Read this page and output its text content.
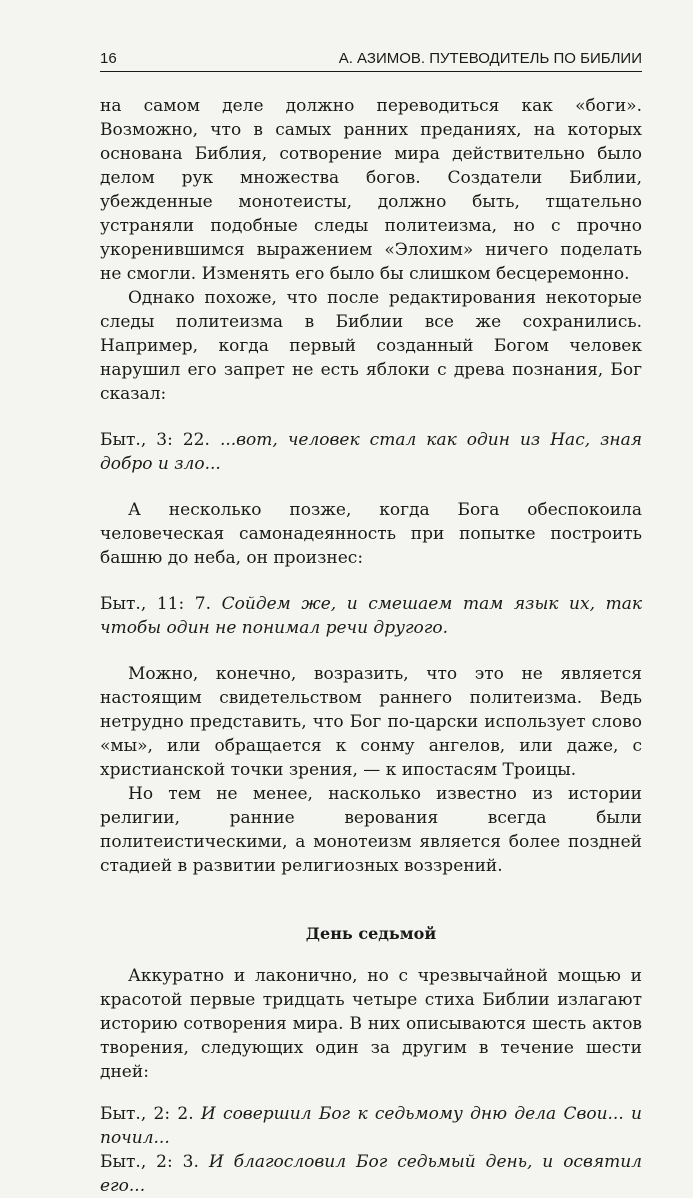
16	А. АЗИМОВ. ПУТЕВОДИТЕЛЬ ПО БИБЛИИ

на самом деле должно переводиться как «боги». Возможно, что в самых ранних преданиях, на которых основана Библия, сотворение мира действительно было делом рук множества богов. Создатели Библии, убежденные монотеисты, должно быть, тщательно устраняли подобные следы политеизма, но с прочно укоренившимся выражением «Элохим» ничего поделать не смогли. Изменять его было бы слишком бесцеремонно.

Однако похоже, что после редактирования некоторые следы политеизма в Библии все же сохранились. Например, когда первый созданный Богом человек нарушил его запрет не есть яблоки с древа познания, Бог сказал:

Быт., 3: 22. ...вот, человек стал как один из Нас, зная добро и зло...

А несколько позже, когда Бога обеспокоила человеческая самонадеянность при попытке построить башню до неба, он произнес:

Быт., 11: 7. Сойдем же, и смешаем там язык их, так чтобы один не понимал речи другого.

Можно, конечно, возразить, что это не является настоящим свидетельством раннего политеизма. Ведь нетрудно представить, что Бог по-царски использует слово «мы», или обращается к сонму ангелов, или даже, с христианской точки зрения, — к ипостасям Троицы.

Но тем не менее, насколько известно из истории религии, ранние верования всегда были политеистическими, а монотеизм является более поздней стадией в развитии религиозных воззрений.

День седьмой

Аккуратно и лаконично, но с чрезвычайной мощью и красотой первые тридцать четыре стиха Библии излагают историю сотворения мира. В них описываются шесть актов творения, следующих один за другим в течение шести дней:

Быт., 2: 2. И совершил Бог к седьмому дню дела Свои... и почил...
Быт., 2: 3. И благословил Бог седьмый день, и освятил его...
